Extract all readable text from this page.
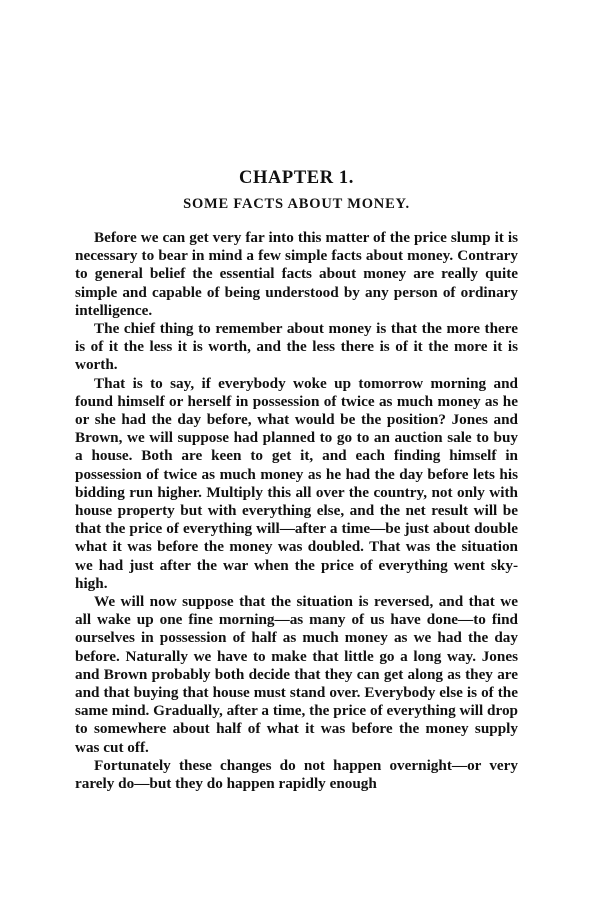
CHAPTER 1.
SOME FACTS ABOUT MONEY.

Before we can get very far into this matter of the price slump it is necessary to bear in mind a few simple facts about money. Contrary to general belief the essential facts about money are really quite simple and capable of being understood by any person of ordinary intelligence.

The chief thing to remember about money is that the more there is of it the less it is worth, and the less there is of it the more it is worth.

That is to say, if everybody woke up tomorrow morning and found himself or herself in possession of twice as much money as he or she had the day before, what would be the position? Jones and Brown, we will suppose had planned to go to an auction sale to buy a house. Both are keen to get it, and each finding himself in possession of twice as much money as he had the day before lets his bidding run higher. Multiply this all over the country, not only with house property but with everything else, and the net result will be that the price of everything will—after a time—be just about double what it was before the money was doubled. That was the situation we had just after the war when the price of everything went sky-high.

We will now suppose that the situation is reversed, and that we all wake up one fine morning—as many of us have done—to find ourselves in possession of half as much money as we had the day before. Naturally we have to make that little go a long way. Jones and Brown probably both decide that they can get along as they are and that buying that house must stand over. Everybody else is of the same mind. Gradually, after a time, the price of everything will drop to somewhere about half of what it was before the money supply was cut off.

Fortunately these changes do not happen overnight—or very rarely do—but they do happen rapidly enough
